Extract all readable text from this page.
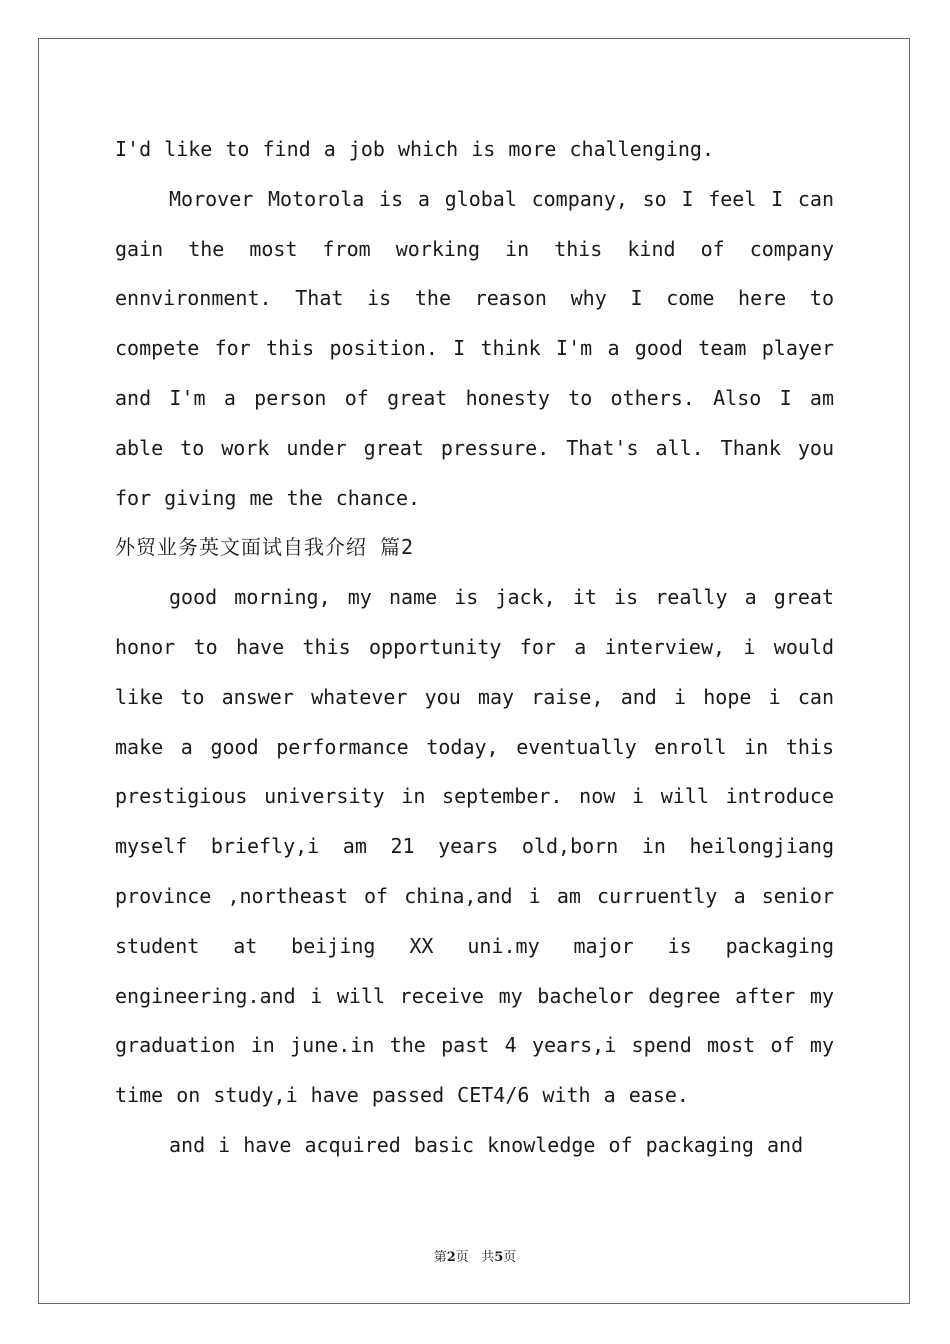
I'd like to find a job which is more challenging.

Morover Motorola is a global company, so I feel I can gain the most from working in this kind of company ennvironment. That is the reason why I come here to compete for this position. I think I'm a good team player and I'm a person of great honesty to others. Also I am able to work under great pressure. That's all. Thank you for giving me the chance.

外贸业务英文面试自我介绍 篇2

good morning, my name is jack, it is really a great honor to have this opportunity for a interview, i would like to answer whatever you may raise, and i hope i can make a good performance today, eventually enroll in this prestigious university in september. now i will introduce myself briefly,i am 21 years old,born in heilongjiang province ,northeast of china,and i am curruently a senior student at beijing XX uni.my major is packaging engineering.and i will receive my bachelor degree after my graduation in june.in the past 4 years,i spend most of my time on study,i have passed CET4/6 with a ease.

and i have acquired basic knowledge of packaging and

第2页 共5页
